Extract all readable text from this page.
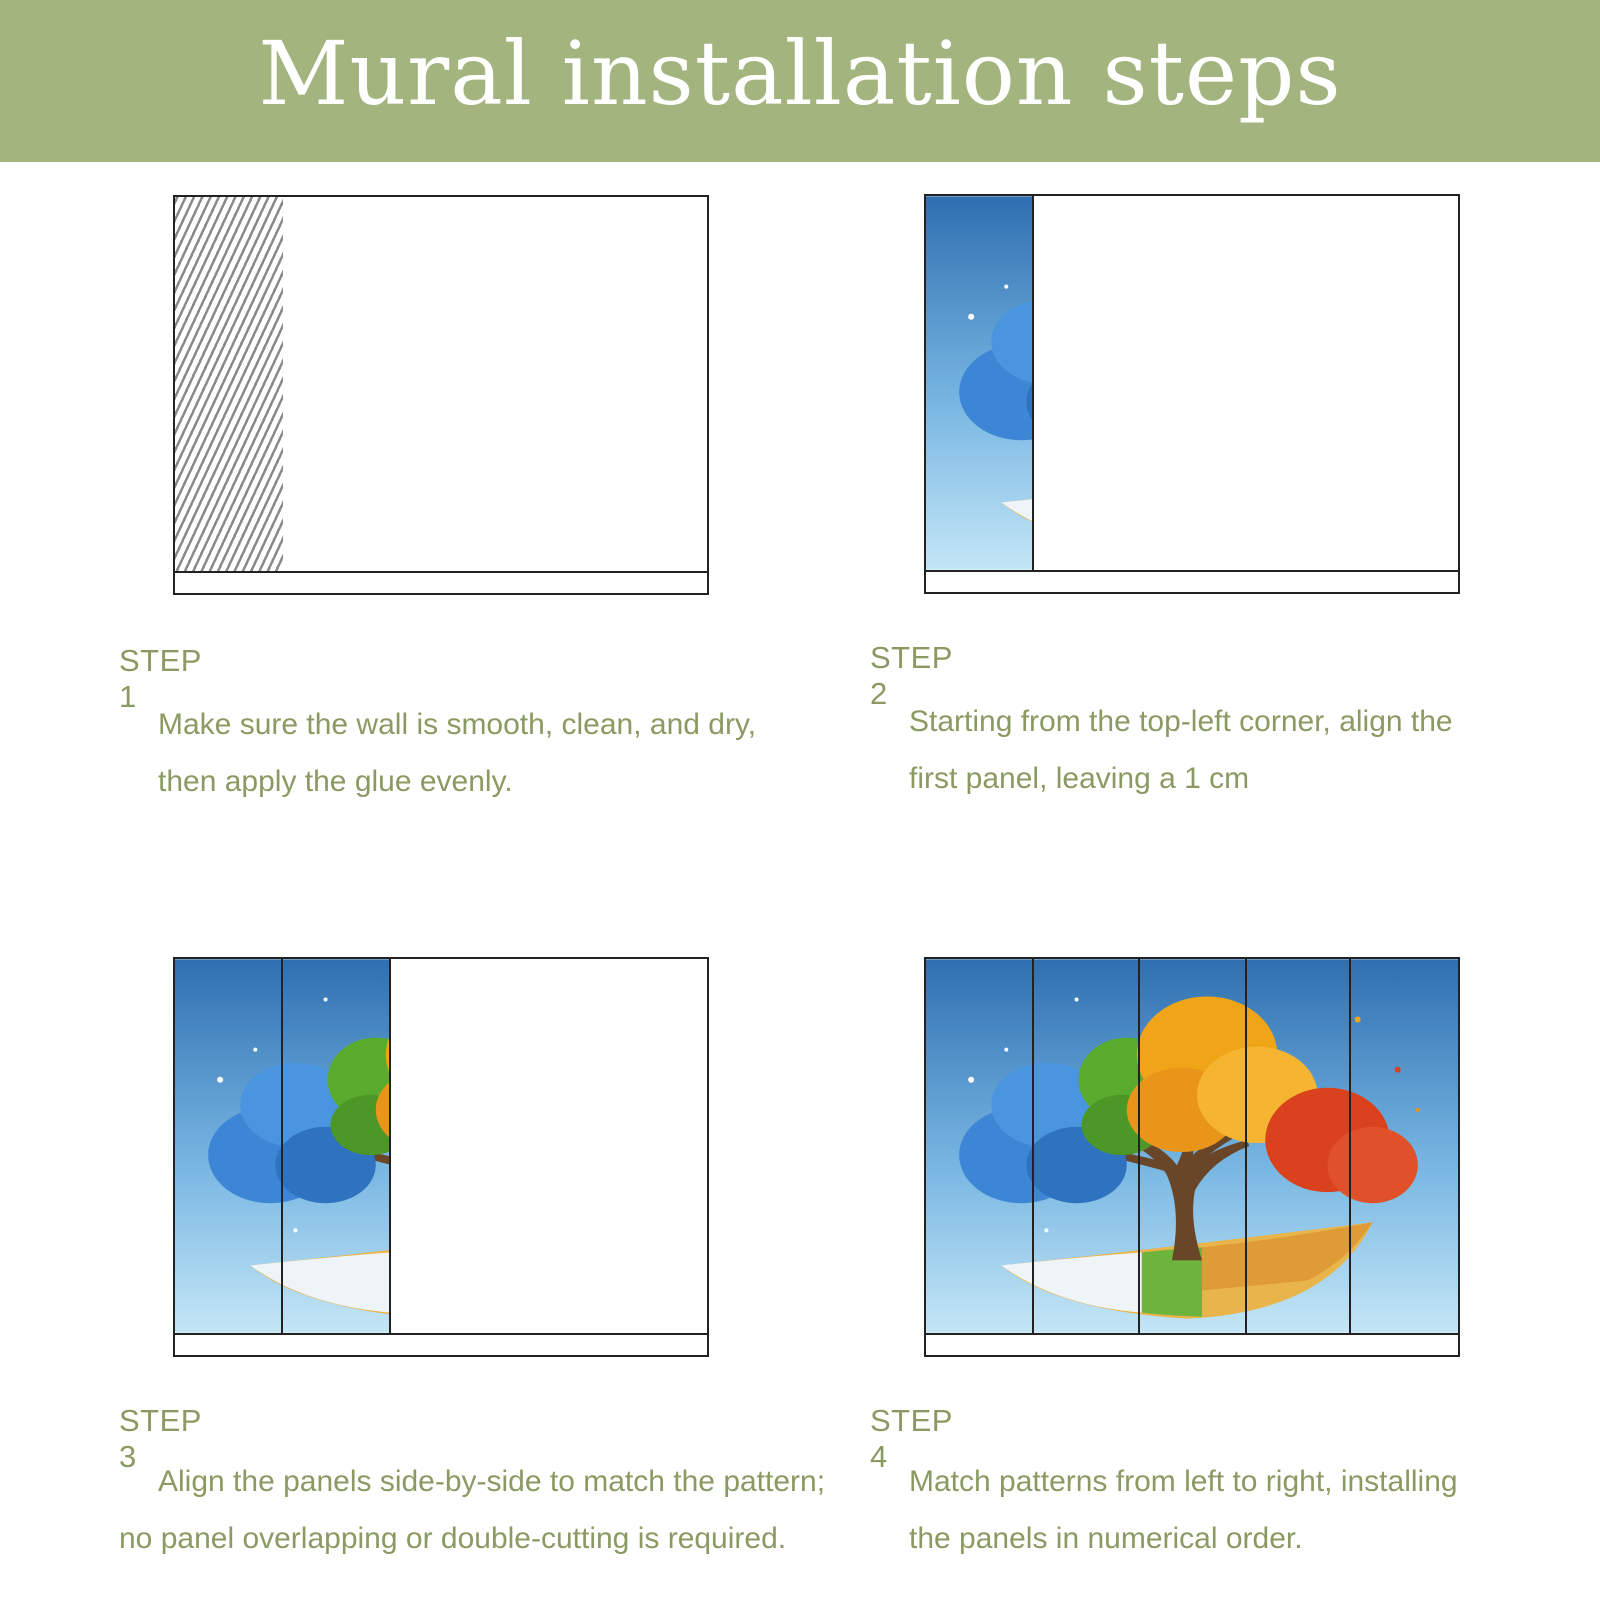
Mural installation steps
STEP 1
Make sure the wall is smooth, clean, and dry,
then apply the glue evenly.
STEP 2
Starting from the top-left corner, align the
first panel, leaving a 1 cm
STEP 3
Align the panels side-by-side to match the pattern;
no panel overlapping or double-cutting is required.
STEP 4
Match patterns from left to right, installing
the panels in numerical order.
